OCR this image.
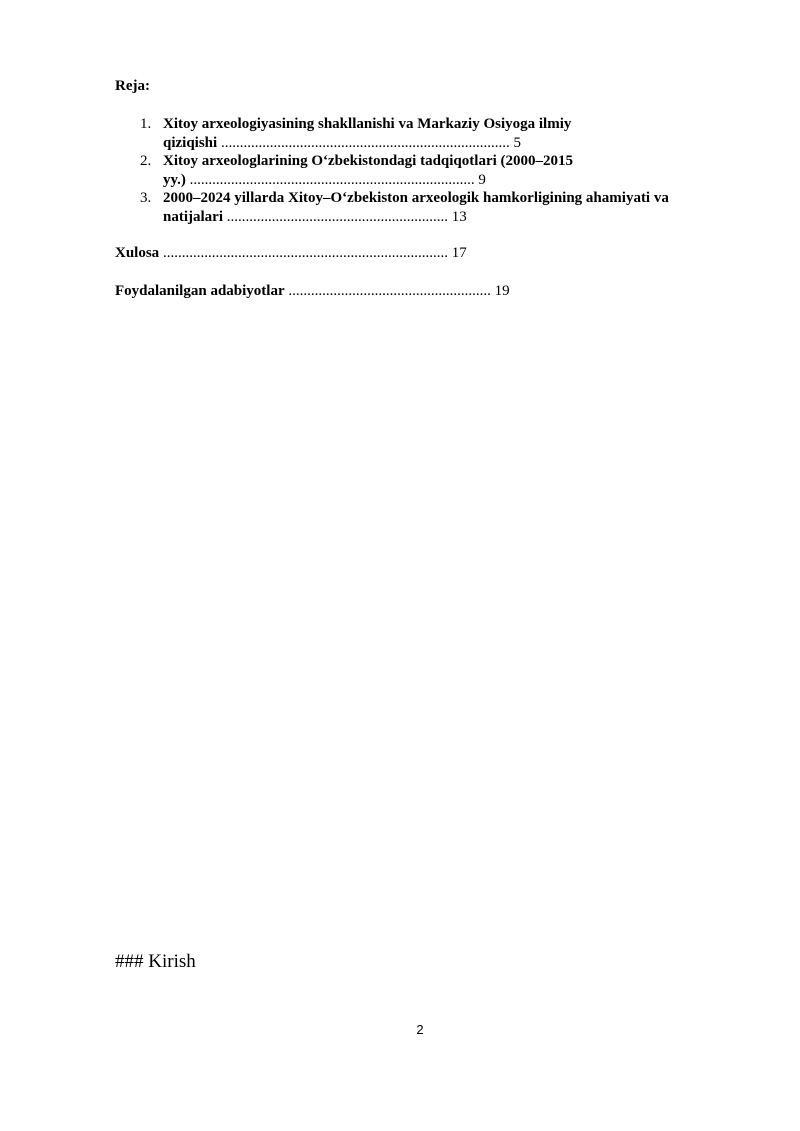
Reja:
1. Xitoy arxeologiyasining shakllanishi va Markaziy Osiyoga ilmiy
qiziqishi ............................................................................. 5
2. Xitoy arxeologlarining O‘zbekistondagi tadqiqotlari (2000–2015
yy.) ............................................................................ 9
3. 2000–2024 yillarda Xitoy–O‘zbekiston arxeologik hamkorligining ahamiyati va
natijalari ........................................................... 13
Xulosa ............................................................................ 17
Foydalanilgan adabiyotlar ...................................................... 19
### Kirish
2
